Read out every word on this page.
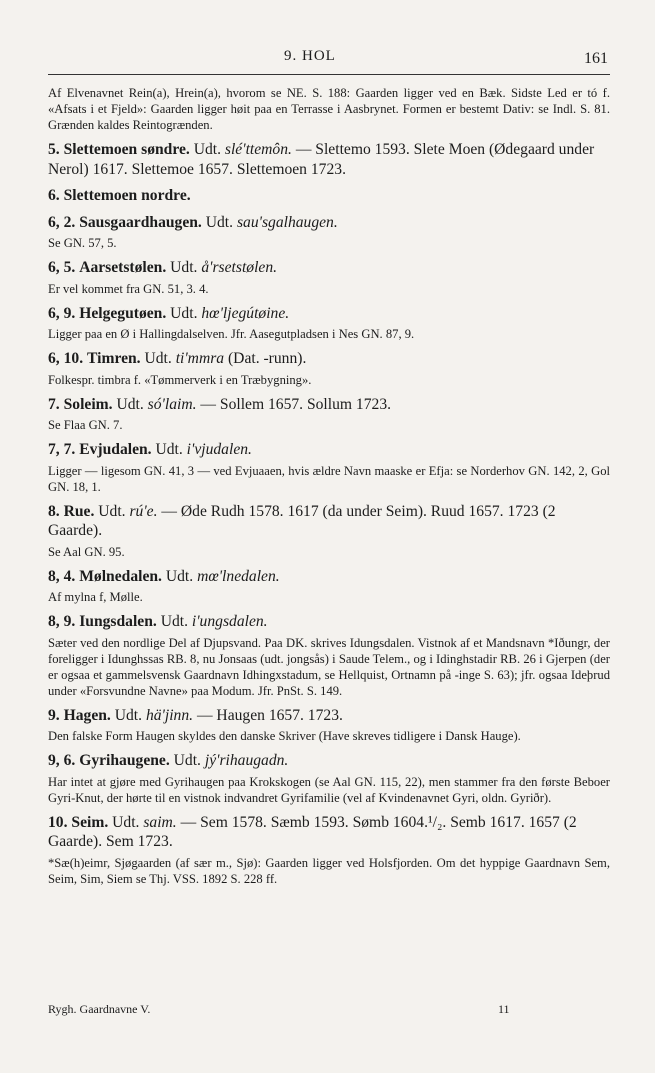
9. HOL	161

Af Elvenavnet Rein(a), Hrein(a), hvorom se NE. S. 188: Gaarden ligger ved en Bæk. Sidste Led er tó f. «Afsats i et Fjeld»: Gaarden ligger høit paa en Terrasse i Aasbrynet. Formen er bestemt Dativ: se Indl. S. 81. Grænden kaldes Reintogrænden.

5. Slettemoen søndre. Udt. slé'ttemôn. — Slettemo 1593. Slete Moen (Ødegaard under Nerol) 1617. Slettemoe 1657. Slettemoen 1723.

6. Slettemoen nordre.

6, 2. Sausgaardhaugen. Udt. sau'sgalhaugen.

Se GN. 57, 5.

6, 5. Aarsetstølen. Udt. å'rsetstølen.

Er vel kommet fra GN. 51, 3. 4.

6, 9. Helgegutøen. Udt. hœ'ljegútøine.

Ligger paa en Ø i Hallingdalselven. Jfr. Aasegutpladsen i Nes GN. 87, 9.

6, 10. Timren. Udt. ti'mmra (Dat. -runn).

Folkespr. timbra f. «Tømmerverk i en Træbygning».

7. Soleim. Udt. só'laim. — Sollem 1657. Sollum 1723.

Se Flaa GN. 7.

7, 7. Evjudalen. Udt. i'vjudalen.

Ligger — ligesom GN. 41, 3 — ved Evjuaaen, hvis ældre Navn maaske er Efja: se Norderhov GN. 142, 2, Gol GN. 18, 1.

8. Rue. Udt. rú'e. — Øde Rudh 1578. 1617 (da under Seim). Ruud 1657. 1723 (2 Gaarde).

Se Aal GN. 95.

8, 4. Mølnedalen. Udt. mœ'lnedalen.

Af mylna f, Mølle.

8, 9. Iungsdalen. Udt. i'ungsdalen.

Sæter ved den nordlige Del af Djupsvand. Paa DK. skrives Idungsdalen. Vistnok af et Mandsnavn *Iðungr, der foreligger i Idunghssas RB. 8, nu Jonsaas (udt. jongsås) i Saude Telem., og i Idinghstadir RB. 26 i Gjerpen (der er ogsaa et gammelsvensk Gaardnavn Idhingxstadum, se Hellquist, Ortnamn på -inge S. 63); jfr. ogsaa Ideþrud under «Forsvundne Navne» paa Modum. Jfr. PnSt. S. 149.

9. Hagen. Udt. hä'jinn. — Haugen 1657. 1723.

Den falske Form Haugen skyldes den danske Skriver (Have skreves tidligere i Dansk Hauge).

9, 6. Gyrihaugene. Udt. jý'rihaugadn.

Har intet at gjøre med Gyrihaugen paa Krokskogen (se Aal GN. 115, 22), men stammer fra den første Beboer Gyri-Knut, der hørte til en vistnok indvandret Gyrifamilie (vel af Kvindenavnet Gyri, oldn. Gyriðr).

10. Seim. Udt. saim. — Sem 1578. Sæmb 1593. Sømb 1604.¹/₂. Semb 1617. 1657 (2 Gaarde). Sem 1723.

*Sæ(h)eimr, Sjøgaarden (af sær m., Sjø): Gaarden ligger ved Holsfjorden. Om det hyppige Gaardnavn Sem, Seim, Sim, Siem se Thj. VSS. 1892 S. 228 ff.

Rygh. Gaardnavne V.	11
